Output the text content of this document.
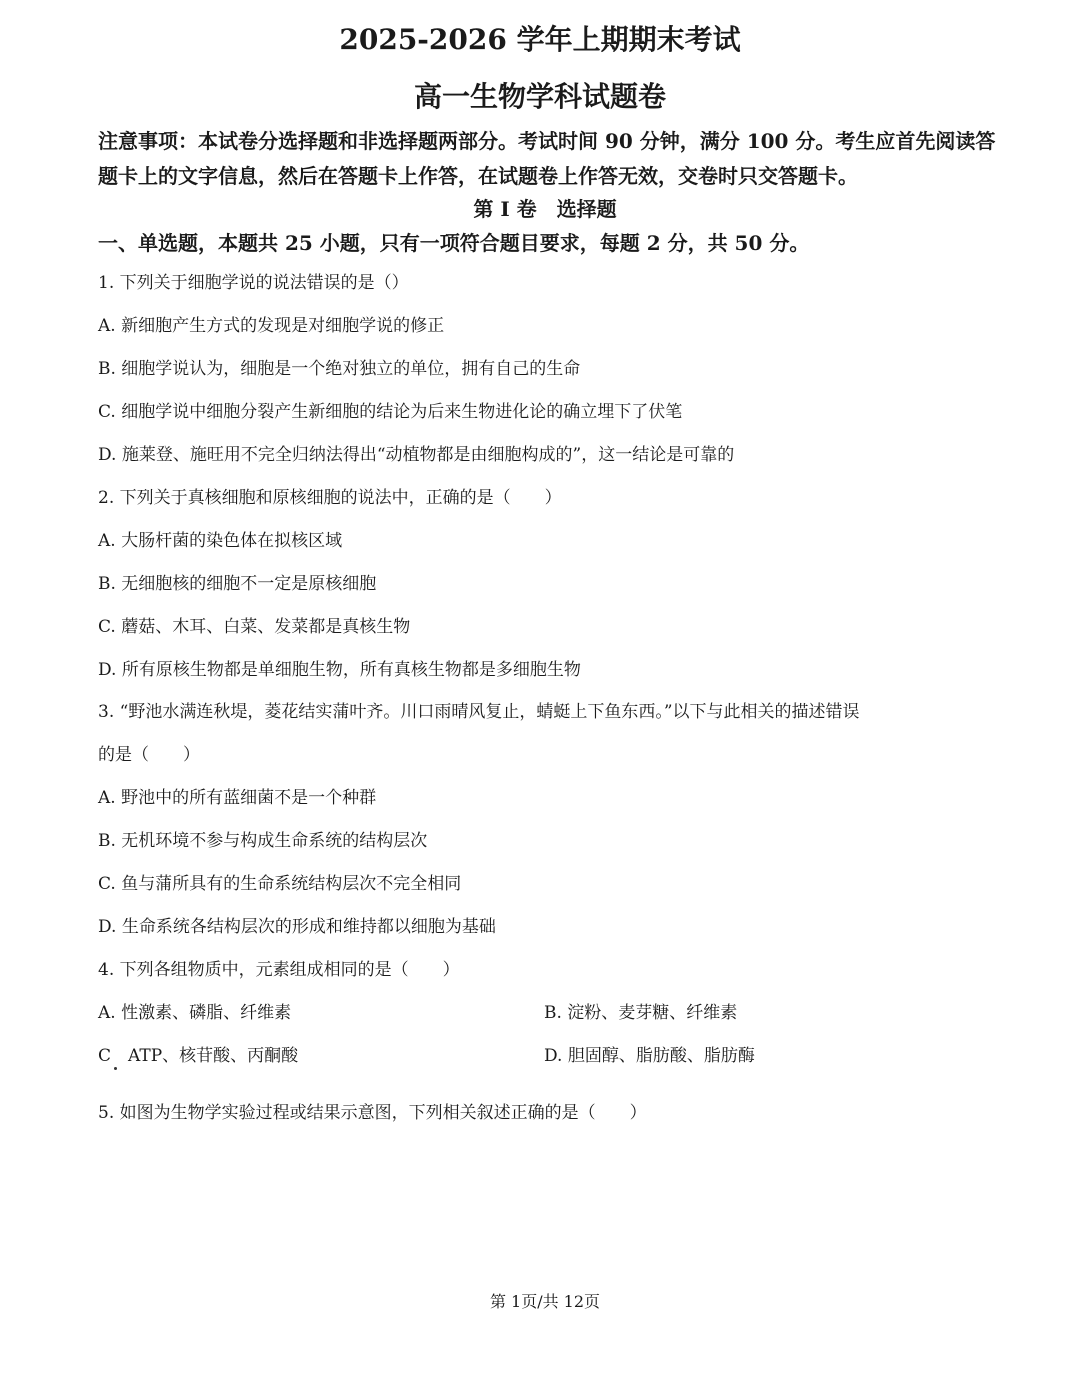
2025-2026 学年上期期末考试
高一生物学科试题卷
注意事项：本试卷分选择题和非选择题两部分。考试时间 90 分钟，满分 100 分。考生应首先阅读答题卡上的文字信息，然后在答题卡上作答，在试题卷上作答无效，交卷时只交答题卡。
第 I 卷　选择题
一、单选题，本题共 25 小题，只有一项符合题目要求，每题 2 分，共 50 分。
1. 下列关于细胞学说的说法错误的是（）
A. 新细胞产生方式的发现是对细胞学说的修正
B. 细胞学说认为，细胞是一个绝对独立的单位，拥有自己的生命
C. 细胞学说中细胞分裂产生新细胞的结论为后来生物进化论的确立埋下了伏笔
D. 施莱登、施旺用不完全归纳法得出“动植物都是由细胞构成的”，这一结论是可靠的
2. 下列关于真核细胞和原核细胞的说法中，正确的是（　　）
A. 大肠杆菌的染色体在拟核区域
B. 无细胞核的细胞不一定是原核细胞
C. 蘑菇、木耳、白菜、发菜都是真核生物
D. 所有原核生物都是单细胞生物，所有真核生物都是多细胞生物
3. “野池水满连秋堤，菱花结实蒲叶齐。川口雨晴风复止，蜻蜓上下鱼东西。”以下与此相关的描述错误
的是（　　）
A. 野池中的所有蓝细菌不是一个种群
B. 无机环境不参与构成生命系统的结构层次
C. 鱼与蒲所具有的生命系统结构层次不完全相同
D. 生命系统各结构层次的形成和维持都以细胞为基础
4. 下列各组物质中，元素组成相同的是（　　）
A. 性激素、磷脂、纤维素	B. 淀粉、麦芽糖、纤维素
C　ATP、核苷酸、丙酮酸	D. 胆固醇、脂肪酸、脂肪酶
5. 如图为生物学实验过程或结果示意图，下列相关叙述正确的是（　　）
第 1页/共 12页
